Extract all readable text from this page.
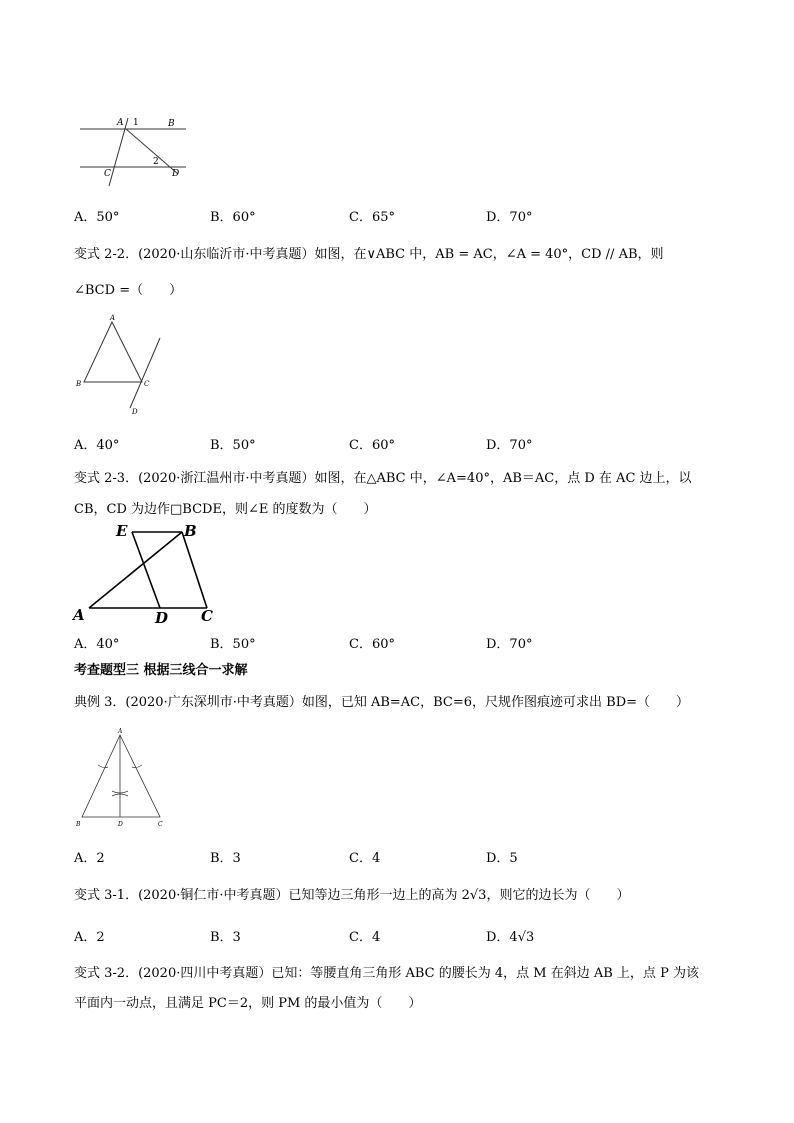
A 1	B
2
C	D
A．50°	B．60°	C．65°	D．70°
变式 2-2．(2020·山东临沂市·中考真题）如图，在∨ABC 中，AB = AC，∠A = 40°，CD // AB，则
∠BCD =（　　）
A
B	C
D
A．40°	B．50°	C．60°	D．70°
变式 2-3．(2020·浙江温州市·中考真题）如图，在△ABC 中，∠A=40°，AB＝AC，点 D 在 AC 边上，以
CB，CD 为边作□BCDE，则∠E 的度数为（　　）
E	B
A	D C
A．40°	B．50°	C．60°	D．70°
考查题型三 根据三线合一求解
典例 3．(2020·广东深圳市·中考真题）如图，已知 AB=AC，BC=6，尺规作图痕迹可求出 BD=（　　）
A
B	D	C
A．2	B．3	C．4	D．5
变式 3-1．(2020·铜仁市·中考真题）已知等边三角形一边上的高为 2√3，则它的边长为（　　）
A．2	B．3	C．4	D．4√3
变式 3-2．(2020·四川中考真题）已知：等腰直角三角形 ABC 的腰长为 4，点 M 在斜边 AB 上，点 P 为该
平面内一动点，且满足 PC＝2，则 PM 的最小值为（　　）
